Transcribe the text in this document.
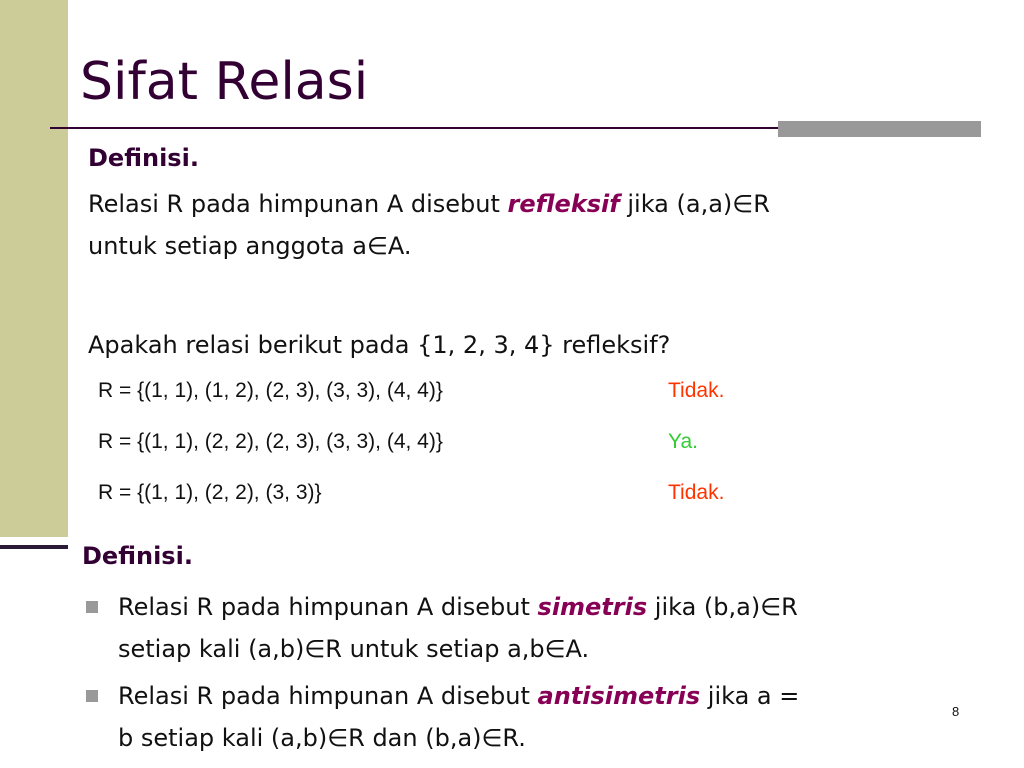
Sifat Relasi
Definisi.

Relasi R pada himpunan A disebut refleksif jika (a,a)∈R

untuk setiap anggota a∈A.

Apakah relasi berikut pada {1, 2, 3, 4} refleksif?

R = {(1, 1), (1, 2), (2, 3), (3, 3), (4, 4)}	Tidak.
R = {(1, 1), (2, 2), (2, 3), (3, 3), (4, 4)}	Ya.
R = {(1, 1), (2, 2), (3, 3)}	Tidak.
Definisi.

Relasi R pada himpunan A disebut simetris jika (b,a)∈R

setiap kali (a,b)∈R untuk setiap a,b∈A.

Relasi R pada himpunan A disebut antisimetris jika a =

b setiap kali (a,b)∈R dan (b,a)∈R.

8
